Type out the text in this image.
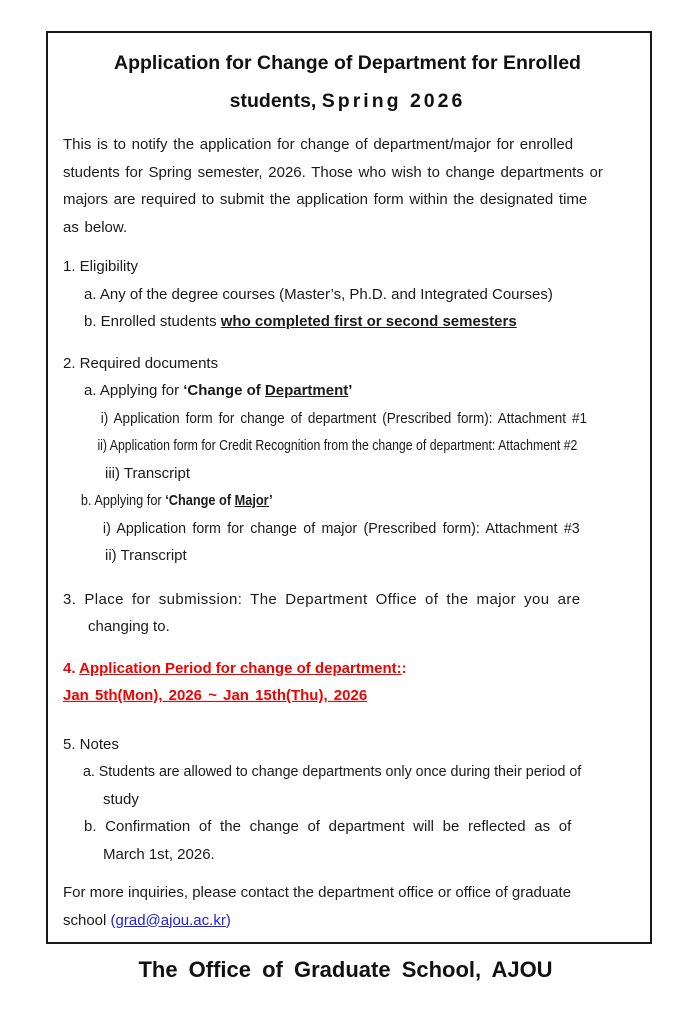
Application for Change of Department for Enrolled
students, Spring 2026
This is to notify the application for change of department/major for enrolled
students for Spring semester, 2026. Those who wish to change departments or
majors are required to submit the application form within the designated time
as below.
1. Eligibility
a. Any of the degree courses (Master’s, Ph.D. and Integrated Courses)
b. Enrolled students who completed first or second semesters
2. Required documents
a. Applying for ‘Change of Department’
i) Application form for change of department (Prescribed form): Attachment #1
ii) Application form for Credit Recognition from the change of department: Attachment #2
iii) Transcript
b. Applying for ‘Change of Major’
i) Application form for change of major (Prescribed form): Attachment #3
ii) Transcript
3. Place for submission: The Department Office of the major you are
changing to.
4. Application Period for change of department::
Jan 5th(Mon), 2026 ~ Jan 15th(Thu), 2026
5. Notes
a. Students are allowed to change departments only once during their period of
study
b. Confirmation of the change of department will be reflected as of
March 1st, 2026.
For more inquiries, please contact the department office or office of graduate
school (grad@ajou.ac.kr)
The Office of Graduate School, AJOU
